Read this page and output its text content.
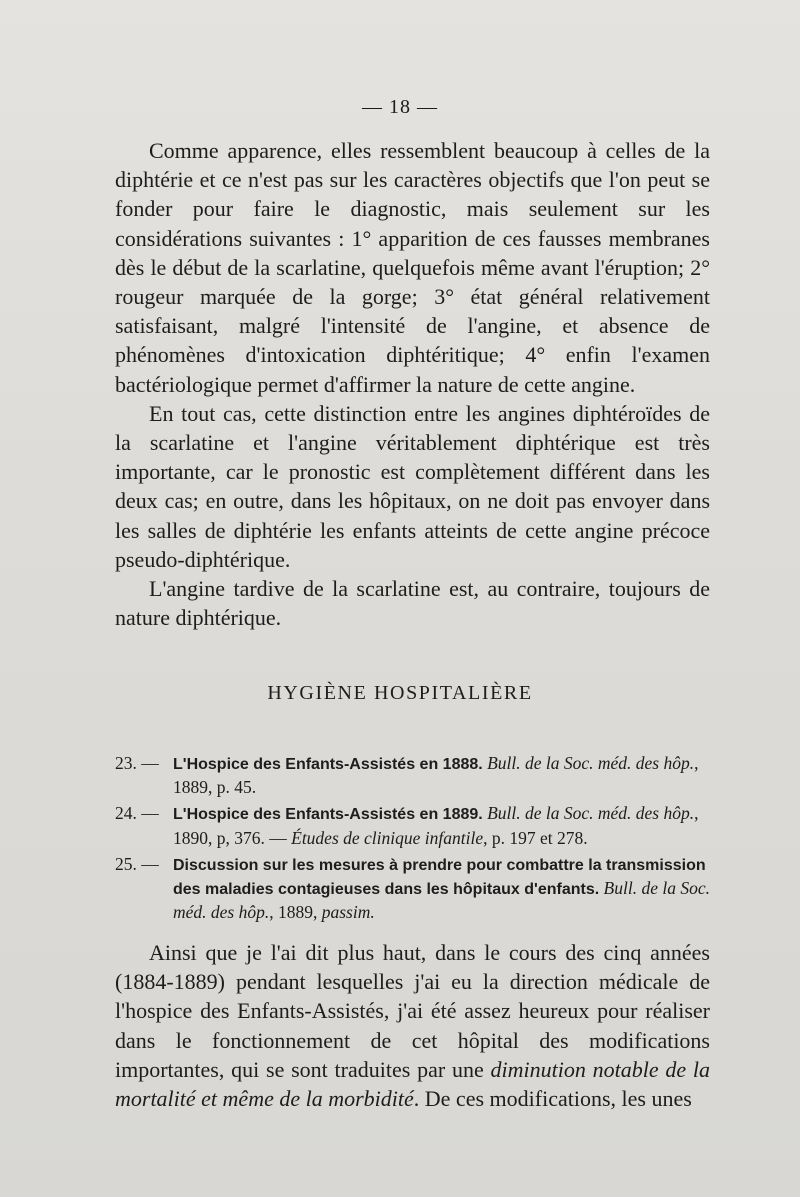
— 18 —

Comme apparence, elles ressemblent beaucoup à celles de la diphtérie et ce n'est pas sur les caractères objectifs que l'on peut se fonder pour faire le diagnostic, mais seulement sur les considérations suivantes : 1° apparition de ces fausses membranes dès le début de la scarlatine, quelquefois même avant l'éruption; 2° rougeur marquée de la gorge; 3° état général relativement satisfaisant, malgré l'intensité de l'angine, et absence de phénomènes d'intoxication diphtéritique; 4° enfin l'examen bactériologique permet d'affirmer la nature de cette angine.

En tout cas, cette distinction entre les angines diphtéroïdes de la scarlatine et l'angine véritablement diphtérique est très importante, car le pronostic est complètement différent dans les deux cas; en outre, dans les hôpitaux, on ne doit pas envoyer dans les salles de diphtérie les enfants atteints de cette angine précoce pseudo-diphtérique.

L'angine tardive de la scarlatine est, au contraire, toujours de nature diphtérique.

HYGIÈNE HOSPITALIÈRE
23. — L'Hospice des Enfants-Assistés en 1888. Bull. de la Soc. méd. des hôp., 1889, p. 45.
24. — L'Hospice des Enfants-Assistés en 1889. Bull. de la Soc. méd. des hôp., 1890, p, 376. — Études de clinique infantile, p. 197 et 278.
25. — Discussion sur les mesures à prendre pour combattre la transmission des maladies contagieuses dans les hôpitaux d'enfants. Bull. de la Soc. méd. des hôp., 1889, passim.

Ainsi que je l'ai dit plus haut, dans le cours des cinq années (1884-1889) pendant lesquelles j'ai eu la direction médicale de l'hospice des Enfants-Assistés, j'ai été assez heureux pour réaliser dans le fonctionnement de cet hôpital des modifications importantes, qui se sont traduites par une diminution notable de la mortalité et même de la morbidité. De ces modifications, les unes
